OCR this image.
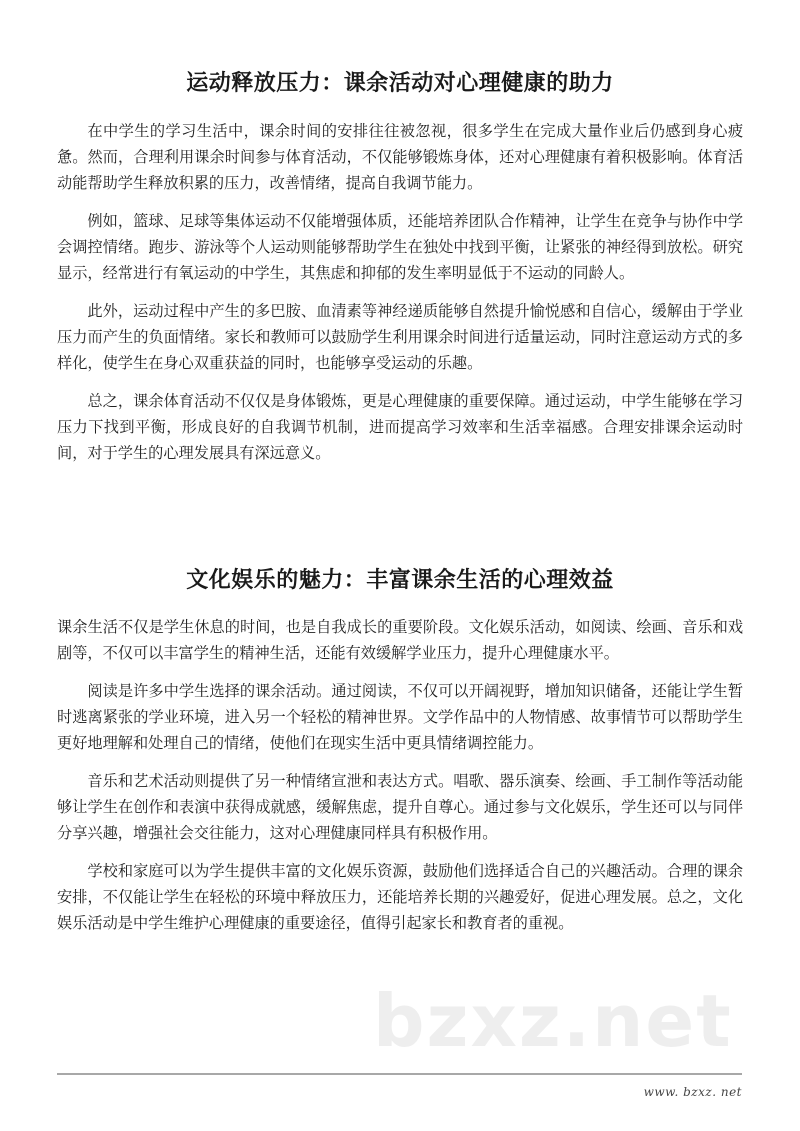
运动释放压力：课余活动对心理健康的助力

在中学生的学习生活中，课余时间的安排往往被忽视，很多学生在完成大量作业后仍感到身心疲惫。然而，合理利用课余时间参与体育活动，不仅能够锻炼身体，还对心理健康有着积极影响。体育活动能帮助学生释放积累的压力，改善情绪，提高自我调节能力。

例如，篮球、足球等集体运动不仅能增强体质，还能培养团队合作精神，让学生在竞争与协作中学会调控情绪。跑步、游泳等个人运动则能够帮助学生在独处中找到平衡，让紧张的神经得到放松。研究显示，经常进行有氧运动的中学生，其焦虑和抑郁的发生率明显低于不运动的同龄人。

此外，运动过程中产生的多巴胺、血清素等神经递质能够自然提升愉悦感和自信心，缓解由于学业压力而产生的负面情绪。家长和教师可以鼓励学生利用课余时间进行适量运动，同时注意运动方式的多样化，使学生在身心双重获益的同时，也能够享受运动的乐趣。

总之，课余体育活动不仅仅是身体锻炼，更是心理健康的重要保障。通过运动，中学生能够在学习压力下找到平衡，形成良好的自我调节机制，进而提高学习效率和生活幸福感。合理安排课余运动时间，对于学生的心理发展具有深远意义。

文化娱乐的魅力：丰富课余生活的心理效益

课余生活不仅是学生休息的时间，也是自我成长的重要阶段。文化娱乐活动，如阅读、绘画、音乐和戏剧等，不仅可以丰富学生的精神生活，还能有效缓解学业压力，提升心理健康水平。

阅读是许多中学生选择的课余活动。通过阅读，不仅可以开阔视野，增加知识储备，还能让学生暂时逃离紧张的学业环境，进入另一个轻松的精神世界。文学作品中的人物情感、故事情节可以帮助学生更好地理解和处理自己的情绪，使他们在现实生活中更具情绪调控能力。

音乐和艺术活动则提供了另一种情绪宣泄和表达方式。唱歌、器乐演奏、绘画、手工制作等活动能够让学生在创作和表演中获得成就感，缓解焦虑，提升自尊心。通过参与文化娱乐，学生还可以与同伴分享兴趣，增强社会交往能力，这对心理健康同样具有积极作用。

学校和家庭可以为学生提供丰富的文化娱乐资源，鼓励他们选择适合自己的兴趣活动。合理的课余安排，不仅能让学生在轻松的环境中释放压力，还能培养长期的兴趣爱好，促进心理发展。总之，文化娱乐活动是中学生维护心理健康的重要途径，值得引起家长和教育者的重视。

bzxz.net
www. bzxz. net
